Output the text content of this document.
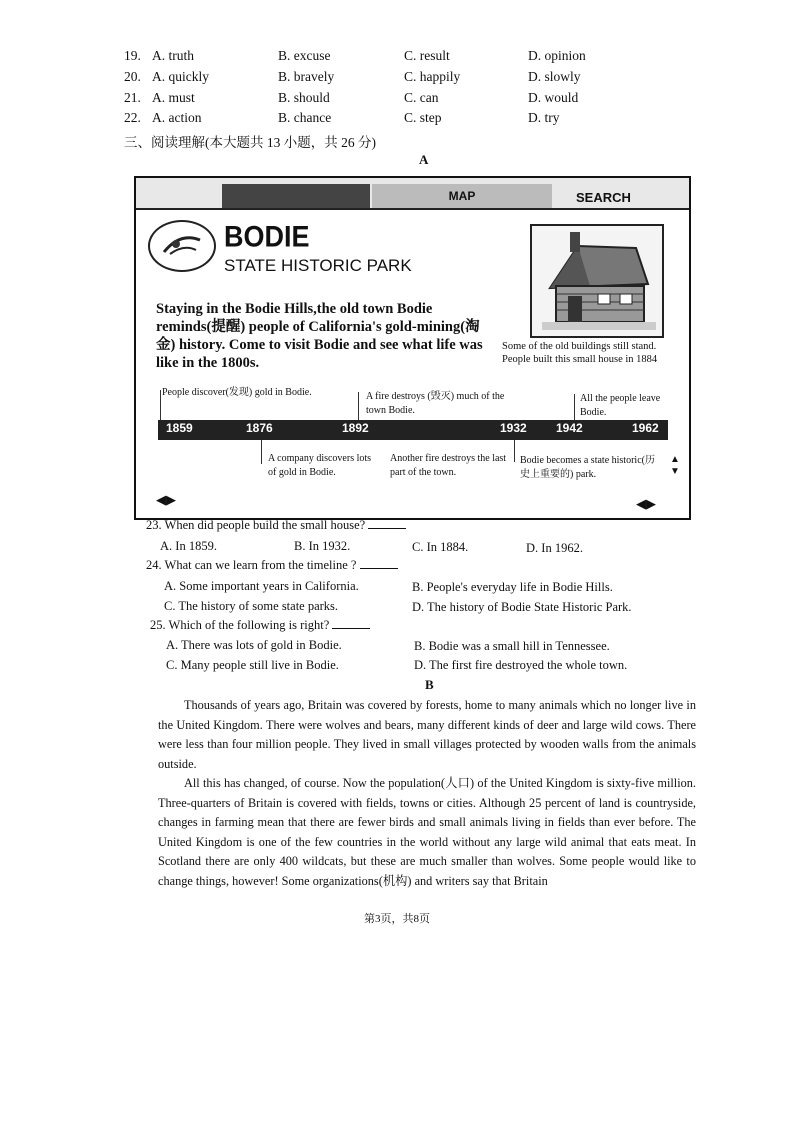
19. A. truth	B. excuse	C. result	D. opinion
20. A. quickly	B. bravely	C. happily	D. slowly
21. A. must	B. should	C. can	D. would
22. A. action	B. chance	C. step	D. try
三、阅读理解(本大题共 13 小题，共 26 分)
A
MAP	SEARCH
BODIE
STATE HISTORIC PARK
Staying in the Bodie Hills,the old town Bodie reminds(提醒) people of California's gold-mining(淘金) history. Come to visit Bodie and see what life was like in the 1800s.
Some of the old buildings still stand. People built this small house in 1884
People discover(发现) gold in Bodie.	A fire destroys (毁灭) much of the town Bodie.
All the people leave Bodie.
1859	1876	1892	1932 1942	1962
A company discovers lots of gold in Bodie.
Another fire destroys the last part of the town.
Bodie becomes a state historic(历史上重要的) park.
◀▶	◀▶
▲
▼
23. When did people build the small house?
A. In 1859.	B. In 1932.	C. In 1884.	D. In 1962.
24. What can we learn from the timeline ?
A. Some important years in California.	B. People's everyday life in Bodie Hills.
C. The history of some state parks.	D. The history of Bodie State Historic Park.
25. Which of the following is right?
A. There was lots of gold in Bodie.	B. Bodie was a small hill in Tennessee.
C. Many people still live in Bodie.	D. The first fire destroyed the whole town.
B
Thousands of years ago, Britain was covered by forests, home to many animals which no longer live in the United Kingdom. There were wolves and bears, many different kinds of deer and large wild cows. There were less than four million people. They lived in small villages protected by wooden walls from the animals outside.
All this has changed, of course. Now the population(人口) of the United Kingdom is sixty-five million. Three-quarters of Britain is covered with fields, towns or cities. Although 25 percent of land is countryside, changes in farming mean that there are fewer birds and small animals living in fields than ever before. The United Kingdom is one of the few countries in the world without any large wild animal that eats meat. In Scotland there are only 400 wildcats, but these are much smaller than wolves. Some people would like to change things, however! Some organizations(机构) and writers say that Britain
第3页，共8页
